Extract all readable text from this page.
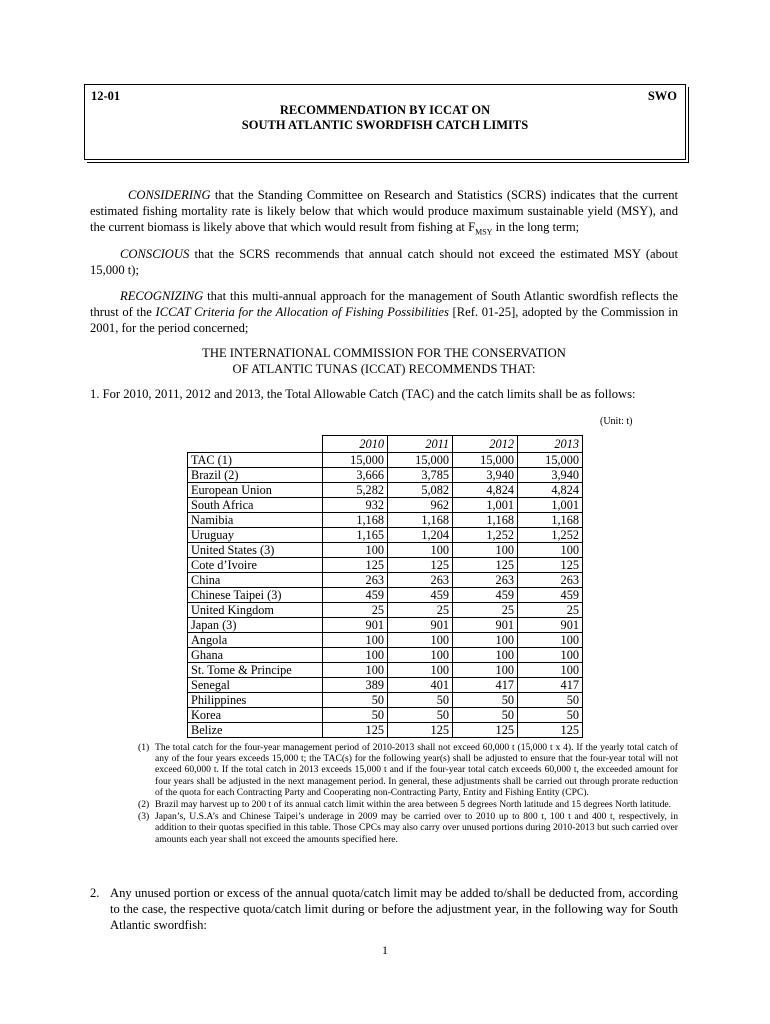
12-01	SWO
RECOMMENDATION BY ICCAT ON
SOUTH ATLANTIC SWORDFISH CATCH LIMITS

CONSIDERING that the Standing Committee on Research and Statistics (SCRS) indicates that the current estimated fishing mortality rate is likely below that which would produce maximum sustainable yield (MSY), and the current biomass is likely above that which would result from fishing at $F_{MSY}$ in the long term;

CONSCIOUS that the SCRS recommends that annual catch should not exceed the estimated MSY (about 15,000 t);

RECOGNIZING that this multi-annual approach for the management of South Atlantic swordfish reflects the thrust of the ICCAT Criteria for the Allocation of Fishing Possibilities [Ref. 01-25], adopted by the Commission in 2001, for the period concerned;

THE INTERNATIONAL COMMISSION FOR THE CONSERVATION
OF ATLANTIC TUNAS (ICCAT) RECOMMENDS THAT:

1. For 2010, 2011, 2012 and 2013, the Total Allowable Catch (TAC) and the catch limits shall be as follows:

(Unit: t)
	2010	2011	2012	2013
TAC (1)	15,000	15,000	15,000	15,000
Brazil (2)	3,666	3,785	3,940	3,940
European Union	5,282	5,082	4,824	4,824
South Africa	932	962	1,001	1,001
Namibia	1,168	1,168	1,168	1,168
Uruguay	1,165	1,204	1,252	1,252
United States (3)	100	100	100	100
Cote d’Ivoire	125	125	125	125
China	263	263	263	263
Chinese Taipei (3)	459	459	459	459
United Kingdom	25	25	25	25
Japan (3)	901	901	901	901
Angola	100	100	100	100
Ghana	100	100	100	100
St. Tome & Principe	100	100	100	100
Senegal	389	401	417	417
Philippines	50	50	50	50
Korea	50	50	50	50
Belize	125	125	125	125
(1) The total catch for the four-year management period of 2010-2013 shall not exceed 60,000 t (15,000 t x 4). If the yearly total catch of any of the four years exceeds 15,000 t; the TAC(s) for the following year(s) shall be adjusted to ensure that the four-year total will not exceed 60,000 t. If the total catch in 2013 exceeds 15,000 t and if the four-year total catch exceeds 60,000 t, the exceeded amount for four years shall be adjusted in the next management period. In general, these adjustments shall be carried out through prorate reduction of the quota for each Contracting Party and Cooperating non-Contracting Party, Entity and Fishing Entity (CPC).
(2) Brazil may harvest up to 200 t of its annual catch limit within the area between 5 degrees North latitude and 15 degrees North latitude.
(3) Japan’s, U.S.A’s and Chinese Taipei’s underage in 2009 may be carried over to 2010 up to 800 t, 100 t and 400 t, respectively, in addition to their quotas specified in this table. Those CPCs may also carry over unused portions during 2010-2013 but such carried over amounts each year shall not exceed the amounts specified here.
2. Any unused portion or excess of the annual quota/catch limit may be added to/shall be deducted from, according to the case, the respective quota/catch limit during or before the adjustment year, in the following way for South Atlantic swordfish:
1
